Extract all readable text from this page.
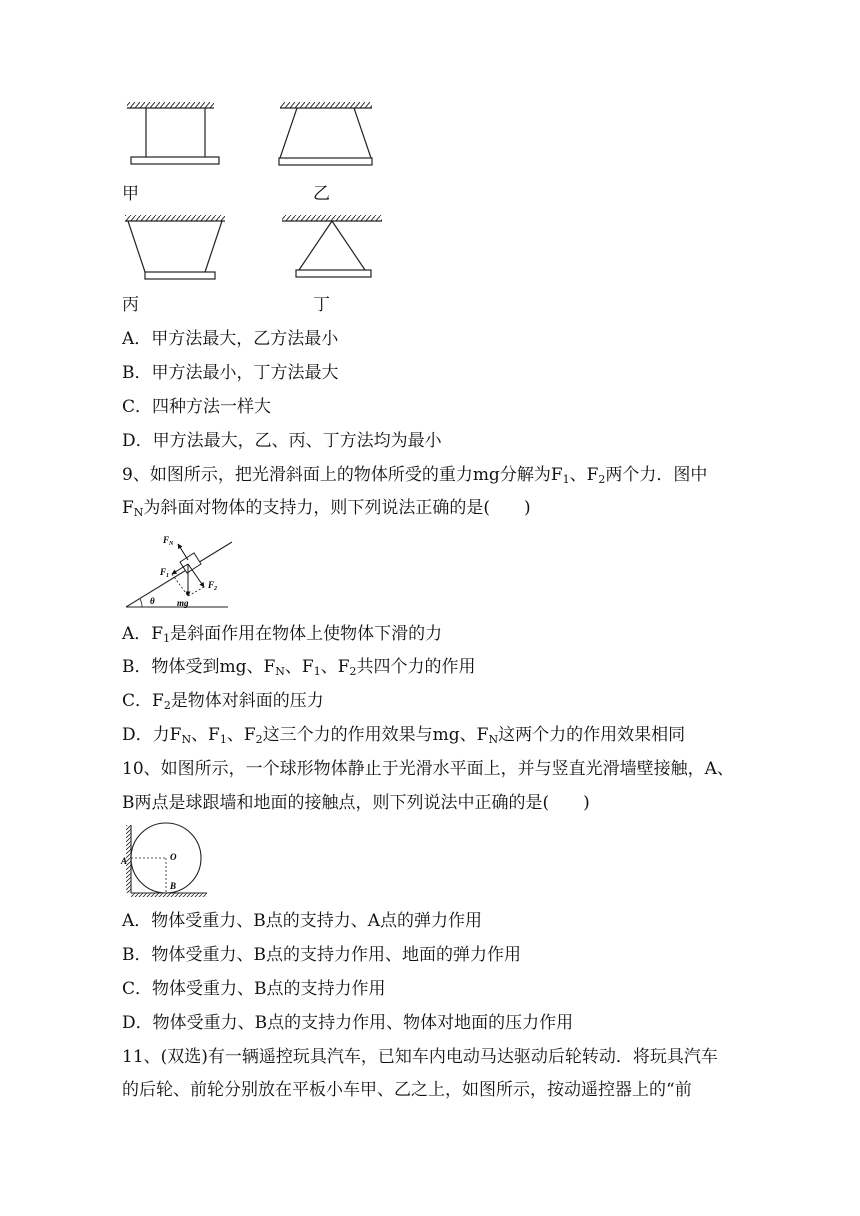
甲	乙
丙	丁
A．甲方法最大，乙方法最小
B．甲方法最小，丁方法最大
C．四种方法一样大
D．甲方法最大，乙、丙、丁方法均为最小
9、如图所示，把光滑斜面上的物体所受的重力mg分解为$F_1$、$F_2$两个力．图中
$F_N$为斜面对物体的支持力，则下列说法正确的是(　　)
θ
$F_N$
$F_1$
$F_2$
mg
A．$F_1$是斜面作用在物体上使物体下滑的力
B．物体受到mg、$F_N$、$F_1$、$F_2$共四个力的作用
C．$F_2$是物体对斜面的压力
D．力$F_N$、$F_1$、$F_2$这三个力的作用效果与mg、$F_N$这两个力的作用效果相同
10、如图所示，一个球形物体静止于光滑水平面上，并与竖直光滑墙壁接触，A、
B两点是球跟墙和地面的接触点，则下列说法中正确的是(　　)
A	O
B
A．物体受重力、B点的支持力、A点的弹力作用
B．物体受重力、B点的支持力作用、地面的弹力作用
C．物体受重力、B点的支持力作用
D．物体受重力、B点的支持力作用、物体对地面的压力作用
11、(双选)有一辆遥控玩具汽车，已知车内电动马达驱动后轮转动．将玩具汽车
的后轮、前轮分别放在平板小车甲、乙之上，如图所示，按动遥控器上的“前
